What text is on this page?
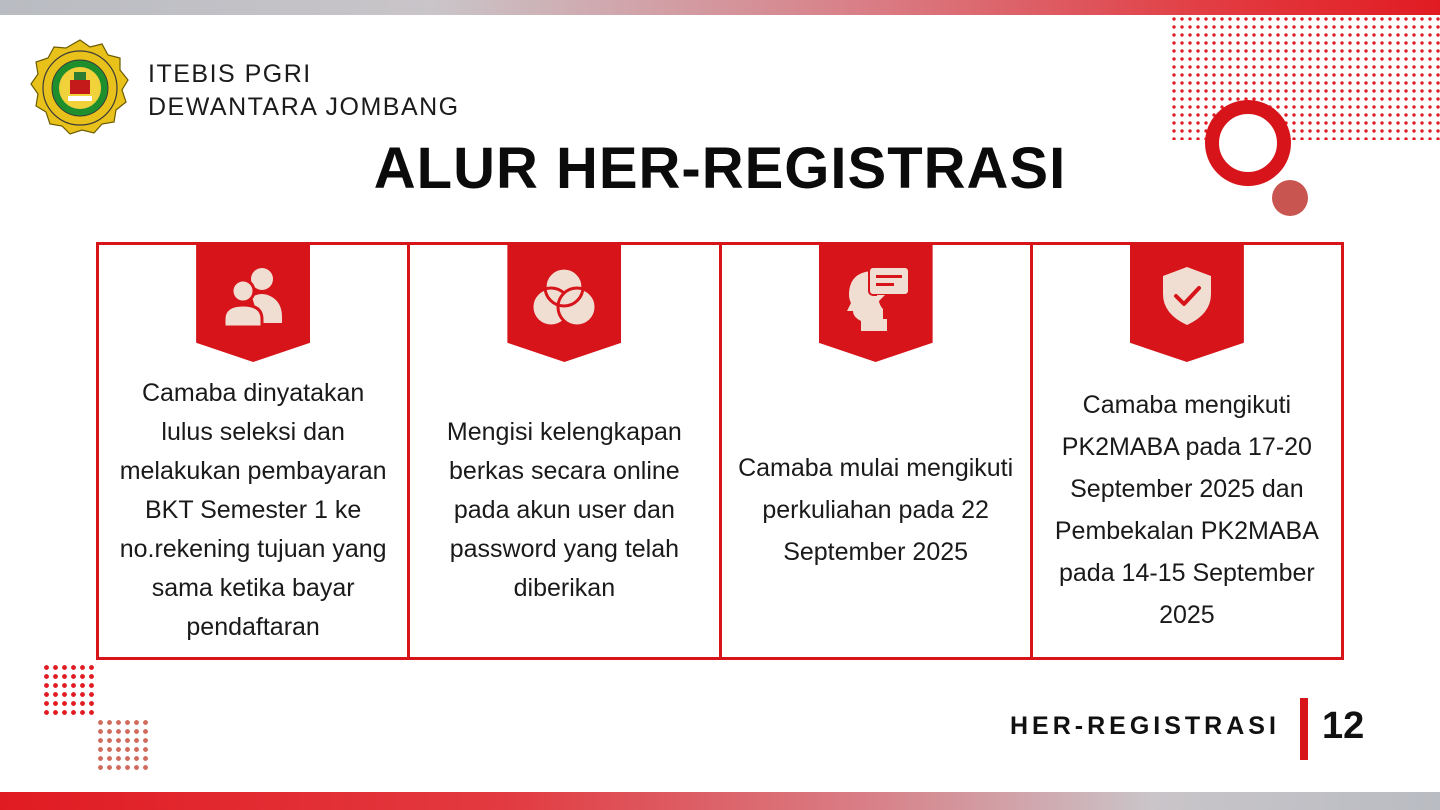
ITEBIS PGRI
DEWANTARA JOMBANG
ALUR HER-REGISTRASI
Camaba dinyatakan lulus seleksi dan melakukan pembayaran BKT Semester 1 ke no.rekening tujuan yang sama ketika bayar pendaftaran
Mengisi kelengkapan berkas secara online pada akun user dan password yang telah diberikan
Camaba mulai mengikuti perkuliahan pada 22 September 2025
Camaba mengikuti PK2MABA pada 17-20 September 2025 dan Pembekalan PK2MABA pada 14-15 September 2025
HER-REGISTRASI 12
